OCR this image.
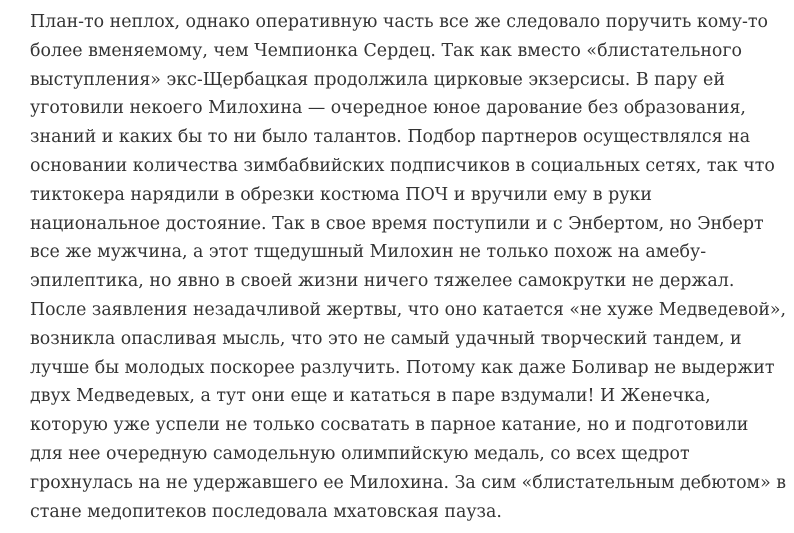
План-то неплох, однако оперативную часть все же следовало поручить кому-то
более вменяемому, чем Чемпионка Сердец. Так как вместо «блистательного
выступления» экс-Щербацкая продолжила цирковые экзерсисы. В пару ей
уготовили некоего Милохина — очередное юное дарование без образования,
знаний и каких бы то ни было талантов. Подбор партнеров осуществлялся на
основании количества зимбабвийских подписчиков в социальных сетях, так что
тиктокера нарядили в обрезки костюма ПОЧ и вручили ему в руки
национальное достояние. Так в свое время поступили и с Энбертом, но Энберт
все же мужчина, а этот тщедушный Милохин не только похож на амебу-
эпилептика, но явно в своей жизни ничего тяжелее самокрутки не держал.
После заявления незадачливой жертвы, что оно катается «не хуже Медведевой»,
возникла опасливая мысль, что это не самый удачный творческий тандем, и
лучше бы молодых поскорее разлучить. Потому как даже Боливар не выдержит
двух Медведевых, а тут они еще и кататься в паре вздумали! И Женечка,
которую уже успели не только сосватать в парное катание, но и подготовили
для нее очередную самодельную олимпийскую медаль, со всех щедрот
грохнулась на не удержавшего ее Милохина. За сим «блистательным дебютом» в
стане медопитеков последовала мхатовская пауза.
